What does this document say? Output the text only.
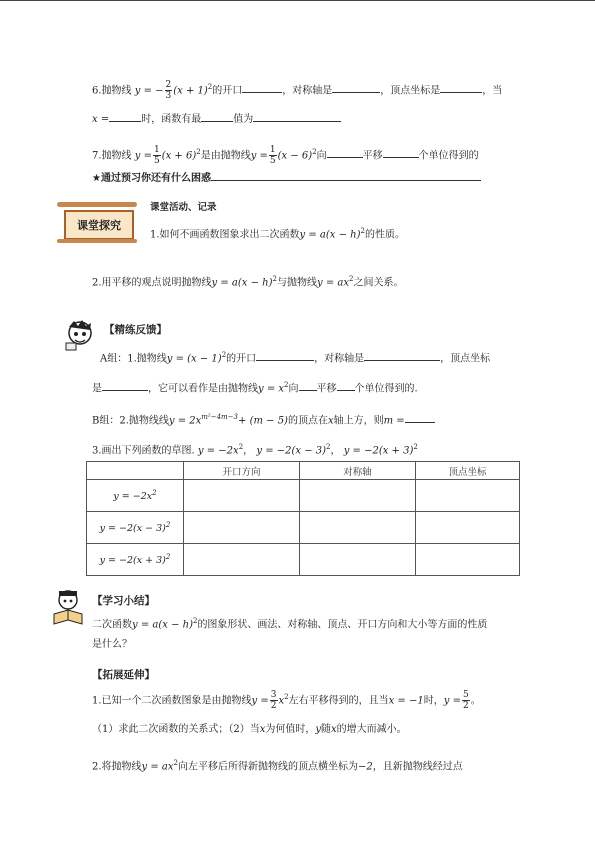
6.抛物线 y = − $\frac{2}{3} (x + 1)^2$的开口	，对称轴是	，顶点坐标是	，当
x =	时，函数有最	值为
7.抛物线 $y = \frac{1}{5} (x + 6)^2$是由抛物线$y = \frac{1}{5} (x - 6)^2$向	平移	个单位得到的
★通过预习你还有什么困惑
课堂探究
课堂活动、记录
1.如何不画函数图象求出二次函数$y = a(x - h)^2$的性质。
2.用平移的观点说明抛物线$y = a(x - h)^2$与抛物线$y = ax^2$之间关系。
【精练反馈】
A组：1.抛物线$y = (x - 1)^2$的开口	，对称轴是	，顶点坐标
是	，它可以看作是由抛物线$y = x^2$向 平移 个单位得到的.
B组：2.抛物线线$y = 2x^{m^2-4m-3}+ (m - 5)$的顶点在x轴上方，则m =
3.画出下列函数的草图. $y = -2x^2$， $y = -2(x - 3)^2$， $y = -2(x + 3)^2$
	开口方向	对称轴	顶点坐标
$y = -2x^2$			
$y = -2(x - 3)^2$			
$y = -2(x + 3)^2$			
【学习小结】
二次函数$y = a(x - h)^2$的图象形状、画法、对称轴、顶点、开口方向和大小等方面的性质
是什么？
【拓展延伸】
1.已知一个二次函数图象是由抛物线$y = \frac{3}{2} x^2$左右平移得到的，且当x = −1时，$y = \frac{5}{2}$ 。
（1）求此二次函数的关系式；（2）当x为何值时，y随x的增大而减小。
2.将抛物线$y = ax^2$向左平移后所得新抛物线的顶点横坐标为−2，且新抛物线经过点
